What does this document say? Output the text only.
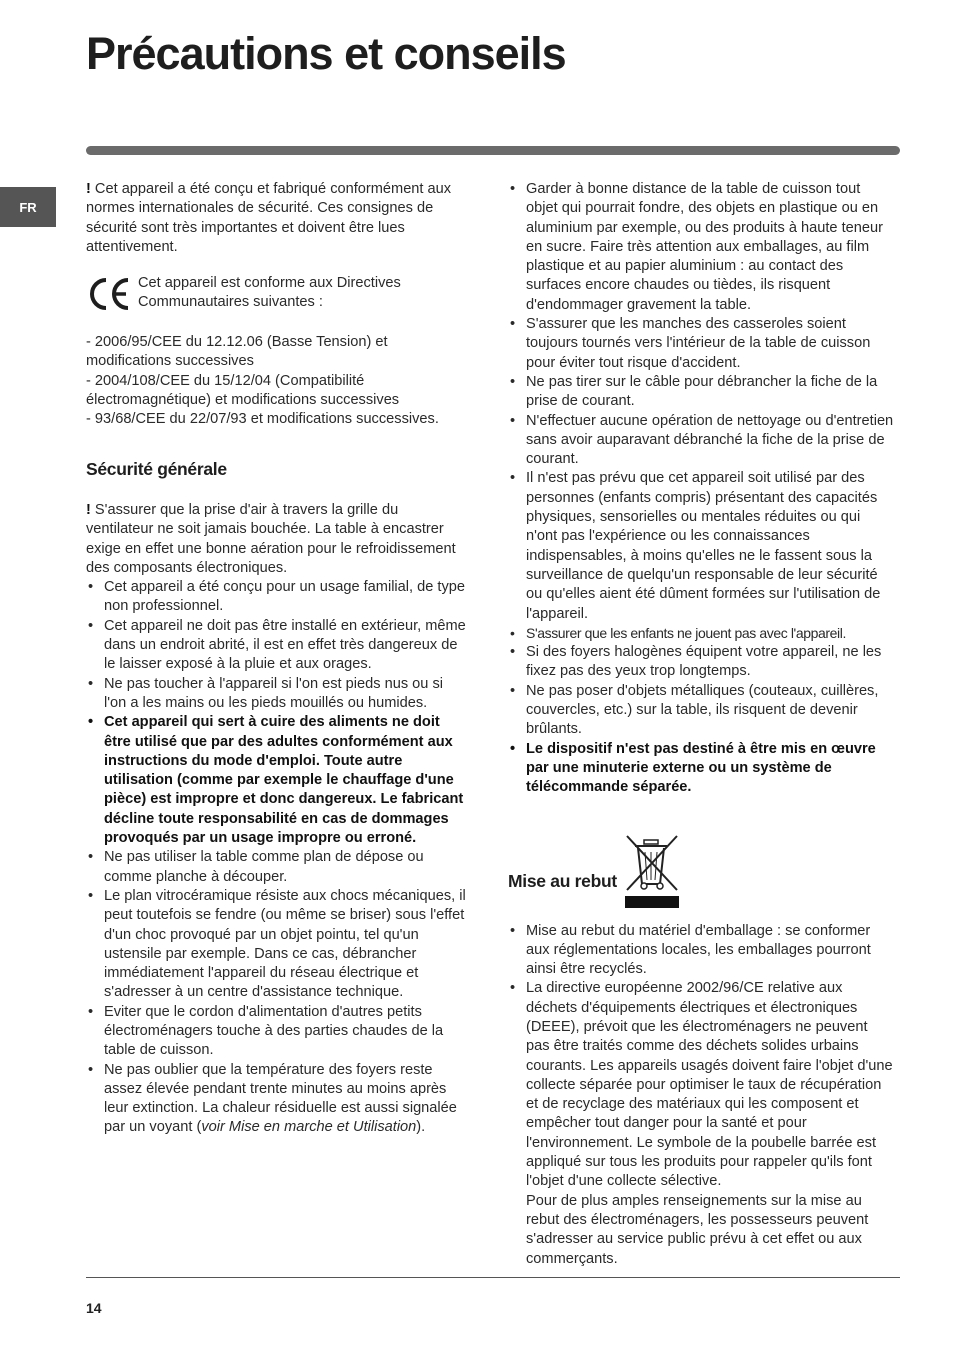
Précautions et conseils
FR

! Cet appareil a été conçu et fabriqué conformément aux normes internationales de sécurité. Ces consignes de sécurité sont très importantes et doivent être lues attentivement.

Cet appareil est conforme aux Directives Communautaires suivantes :

- 2006/95/CEE du 12.12.06 (Basse Tension) et modifications successives

- 2004/108/CEE du 15/12/04 (Compatibilité électromagnétique) et modifications successives

- 93/68/CEE du 22/07/93 et modifications successives.

Sécurité générale

! S'assurer que la prise d'air à travers la grille du ventilateur ne soit jamais bouchée. La table à encastrer exige en effet une bonne aération pour le refroidissement des composants électroniques.

• Cet appareil a été conçu pour un usage familial, de type non professionnel.
• Cet appareil ne doit pas être installé en extérieur, même dans un endroit abrité, il est en effet très dangereux de le laisser exposé à la pluie et aux orages.
• Ne pas toucher à l'appareil si l'on est pieds nus ou si l'on a les mains ou les pieds mouillés ou humides.
• Cet appareil qui sert à cuire des aliments ne doit être utilisé que par des adultes conformément aux instructions du mode d'emploi. Toute autre utilisation (comme par exemple le chauffage d'une pièce) est impropre et donc dangereux. Le fabricant décline toute responsabilité en cas de dommages provoqués par un usage impropre ou erroné.
• Ne pas utiliser la table comme plan de dépose ou comme planche à découper.
• Le plan vitrocéramique résiste aux chocs mécaniques, il peut toutefois se fendre (ou même se briser) sous l'effet d'un choc provoqué par un objet pointu, tel qu'un ustensile par exemple. Dans ce cas, débrancher immédiatement l'appareil du réseau électrique et s'adresser à un centre d'assistance technique.
• Eviter que le cordon d'alimentation d'autres petits électroménagers touche à des parties chaudes de la table de cuisson.
• Ne pas oublier que la température des foyers reste assez élevée pendant trente minutes au moins après leur extinction. La chaleur résiduelle est aussi signalée par un voyant (voir Mise en marche et Utilisation).
• Garder à bonne distance de la table de cuisson tout objet qui pourrait fondre, des objets en plastique ou en aluminium par exemple, ou des produits à haute teneur en sucre. Faire très attention aux emballages, au film plastique et au papier aluminium : au contact des surfaces encore chaudes ou tièdes, ils risquent d'endommager gravement la table.
• S'assurer que les manches des casseroles soient toujours tournés vers l'intérieur de la table de cuisson pour éviter tout risque d'accident.
• Ne pas tirer sur le câble pour débrancher la fiche de la prise de courant.
• N'effectuer aucune opération de nettoyage ou d'entretien sans avoir auparavant débranché la fiche de la prise de courant.
• Il n'est pas prévu que cet appareil soit utilisé par des personnes (enfants compris) présentant des capacités physiques, sensorielles ou mentales réduites ou qui n'ont pas l'expérience ou les connaissances indispensables, à moins qu'elles ne le fassent sous la surveillance de quelqu'un responsable de leur sécurité ou qu'elles aient été dûment formées sur l'utilisation de l'appareil.
• S'assurer que les enfants ne jouent pas avec l'appareil.
• Si des foyers halogènes équipent votre appareil, ne les fixez pas des yeux trop longtemps.
• Ne pas poser d'objets métalliques (couteaux, cuillères, couvercles, etc.) sur la table, ils risquent de devenir brûlants.
• Le dispositif n'est pas destiné à être mis en œuvre par une minuterie externe ou un système de télécommande séparée.
Mise au rebut
• Mise au rebut du matériel d'emballage : se conformer aux réglementations locales, les emballages pourront ainsi être recyclés.

• La directive européenne 2002/96/CE relative aux déchets d'équipements électriques et électroniques (DEEE), prévoit que les électroménagers ne peuvent pas être traités comme des déchets solides urbains courants. Les appareils usagés doivent faire l'objet d'une collecte séparée pour optimiser le taux de récupération et de recyclage des matériaux qui les composent et empêcher tout danger pour la santé et pour l'environnement. Le symbole de la poubelle barrée est appliqué sur tous les produits pour rappeler qu'ils font l'objet d'une collecte sélective.

Pour de plus amples renseignements sur la mise au rebut des électroménagers, les possesseurs peuvent s'adresser au service public prévu à cet effet ou aux commerçants.

14
